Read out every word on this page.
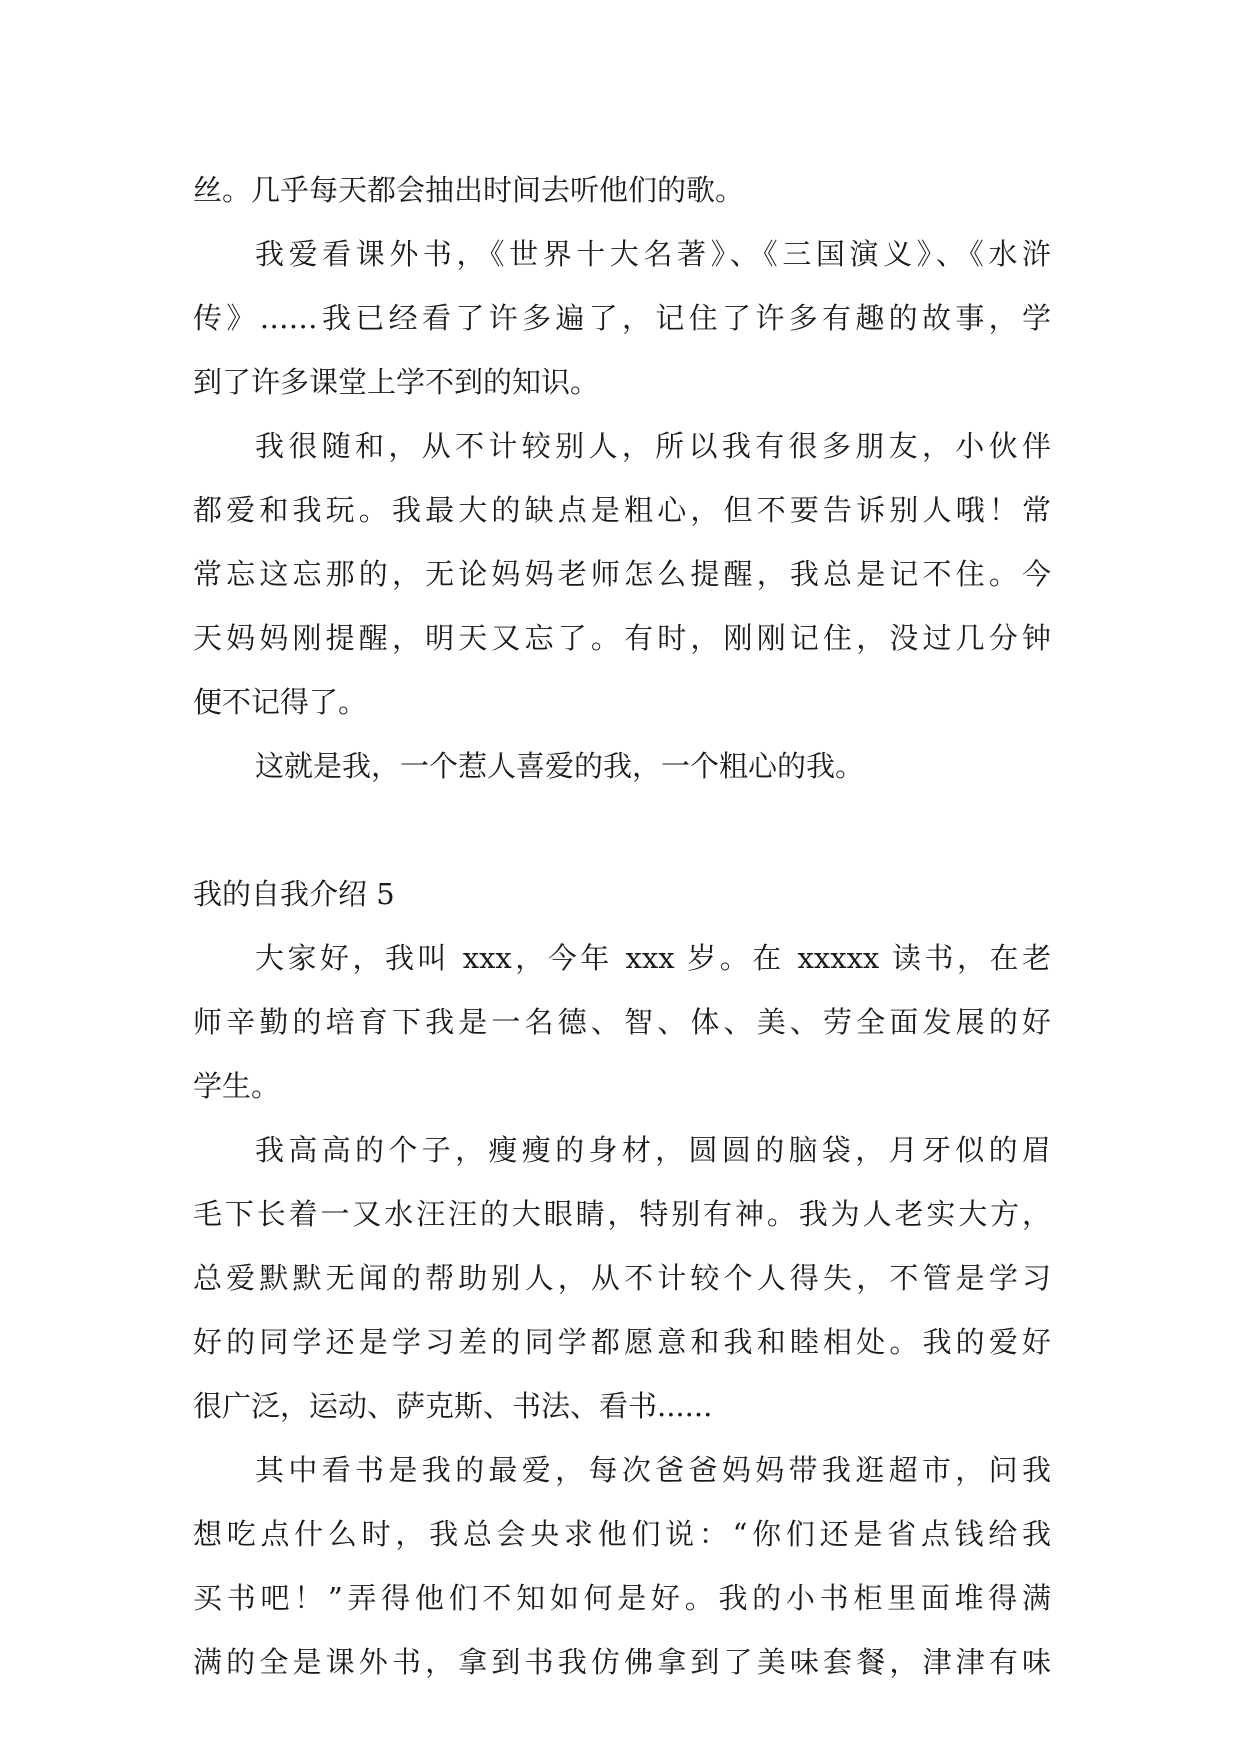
丝。几乎每天都会抽出时间去听他们的歌。
我爱看课外书，《世界十大名著》、《三国演义》、《水浒
传》……我已经看了许多遍了，记住了许多有趣的故事，学
到了许多课堂上学不到的知识。
我很随和，从不计较别人，所以我有很多朋友，小伙伴
都爱和我玩。我最大的缺点是粗心，但不要告诉别人哦！常
常忘这忘那的，无论妈妈老师怎么提醒，我总是记不住。今
天妈妈刚提醒，明天又忘了。有时，刚刚记住，没过几分钟
便不记得了。
这就是我，一个惹人喜爱的我，一个粗心的我。
我的自我介绍 5
大家好，我叫 xxx，今年 xxx 岁。在 xxxxx 读书，在老
师辛勤的培育下我是一名德、智、体、美、劳全面发展的好
学生。
我高高的个子，瘦瘦的身材，圆圆的脑袋，月牙似的眉
毛下长着一又水汪汪的大眼睛，特别有神。我为人老实大方，
总爱默默无闻的帮助别人，从不计较个人得失，不管是学习
好的同学还是学习差的同学都愿意和我和睦相处。我的爱好
很广泛，运动、萨克斯、书法、看书......
其中看书是我的最爱，每次爸爸妈妈带我逛超市，问我
想吃点什么时，我总会央求他们说：“你们还是省点钱给我
买书吧！”弄得他们不知如何是好。我的小书柜里面堆得满
满的全是课外书，拿到书我仿佛拿到了美味套餐，津津有味
